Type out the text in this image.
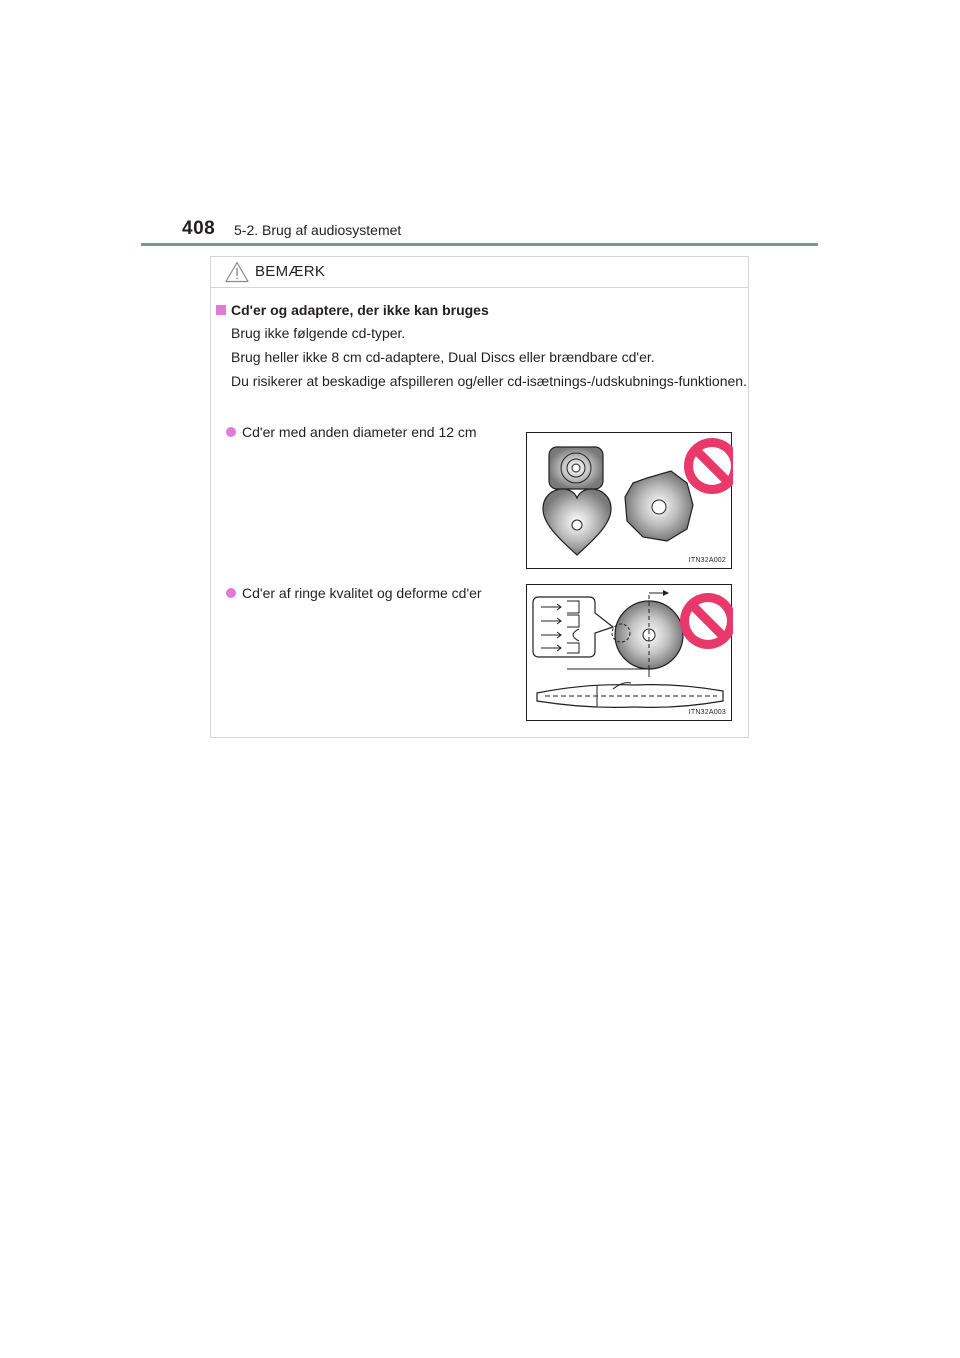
408 5-2. Brug af audiosystemet
BEMÆRK
Cd'er og adaptere, der ikke kan bruges
Brug ikke følgende cd-typer.
Brug heller ikke 8 cm cd-adaptere, Dual Discs eller brændbare cd'er.
Du risikerer at beskadige afspilleren og/eller cd-isætnings-/udskubnings-funktionen.
Cd'er med anden diameter end 12 cm
ITN32A002
Cd'er af ringe kvalitet og deforme cd'er
ITN32A003
